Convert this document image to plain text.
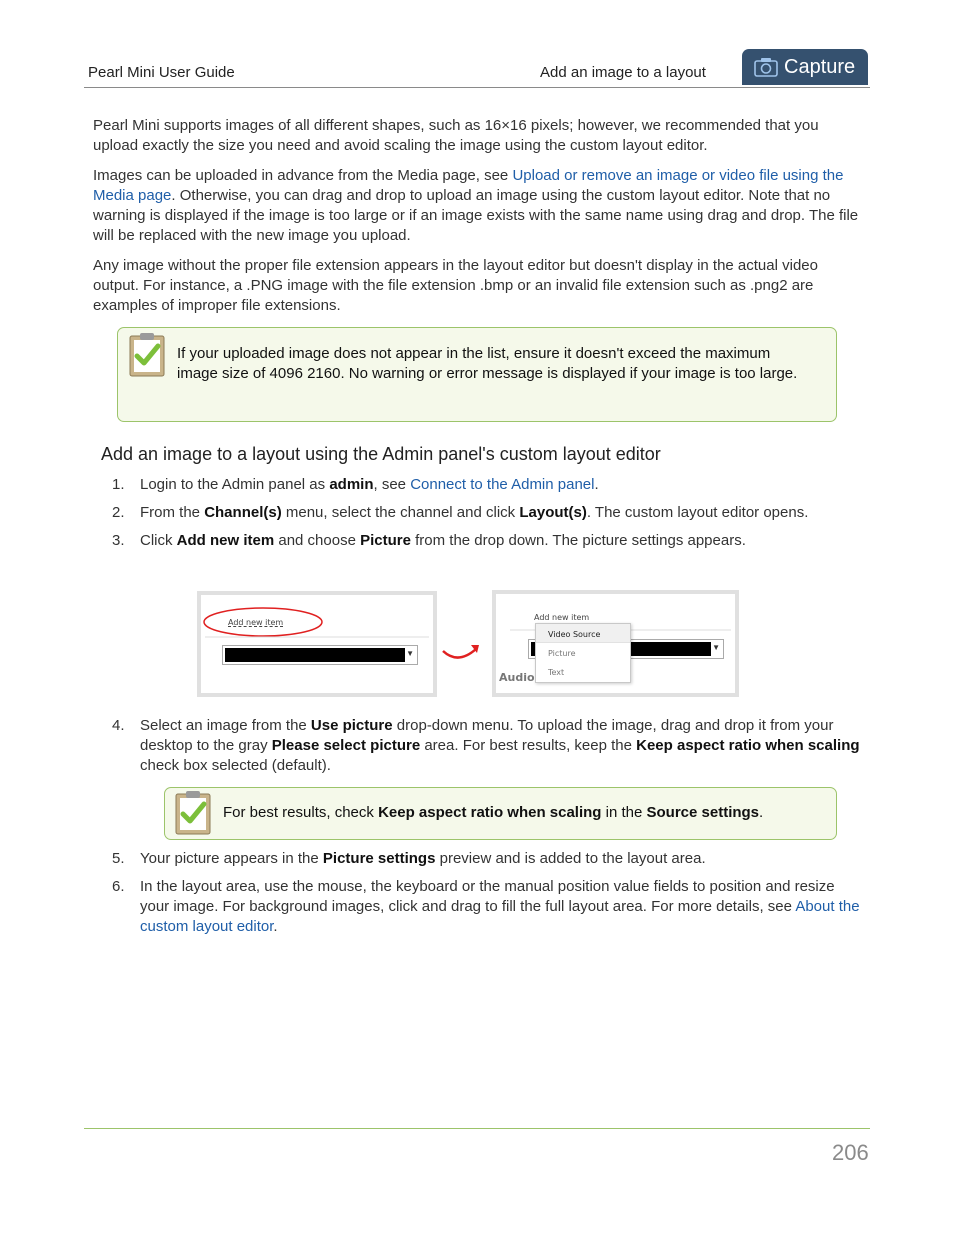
Pearl Mini User Guide	Add an image to a layout	Capture

Pearl Mini supports images of all different shapes, such as 16×16 pixels; however, we recommended that you upload exactly the size you need and avoid scaling the image using the custom layout editor.

Images can be uploaded in advance from the Media page, see Upload or remove an image or video file using the Media page. Otherwise, you can drag and drop to upload an image using the custom layout editor. Note that no warning is displayed if the image is too large or if an image exists with the same name using drag and drop. The file will be replaced with the new image you upload.

Any image without the proper file extension appears in the layout editor but doesn't display in the actual video output. For instance, a .PNG image with the file extension .bmp or an invalid file extension such as .png2 are examples of improper file extensions.

If your uploaded image does not appear in the list, ensure it doesn't exceed the maximum image size of 4096 2160. No warning or error message is displayed if your image is too large.
Add an image to a layout using the Admin panel's custom layout editor
1.	Login to the Admin panel as admin, see Connect to the Admin panel.
2.	From the Channel(s) menu, select the channel and click Layout(s). The custom layout editor opens.
3.	Click Add new item and choose Picture from the drop down. The picture settings appears.
Add new item
▼
Add new item
▼
Audio
Video Source
Picture
Text
4.	Select an image from the Use picture drop-down menu. To upload the image, drag and drop it from your desktop to the gray Please select picture area. For best results, keep the Keep aspect ratio when scaling check box selected (default).
For best results, check Keep aspect ratio when scaling in the Source settings.
5.	Your picture appears in the Picture settings preview and is added to the layout area.
6.	In the layout area, use the mouse, the keyboard or the manual position value fields to position and resize your image. For background images, click and drag to fill the full layout area. For more details, see About the custom layout editor.
206
